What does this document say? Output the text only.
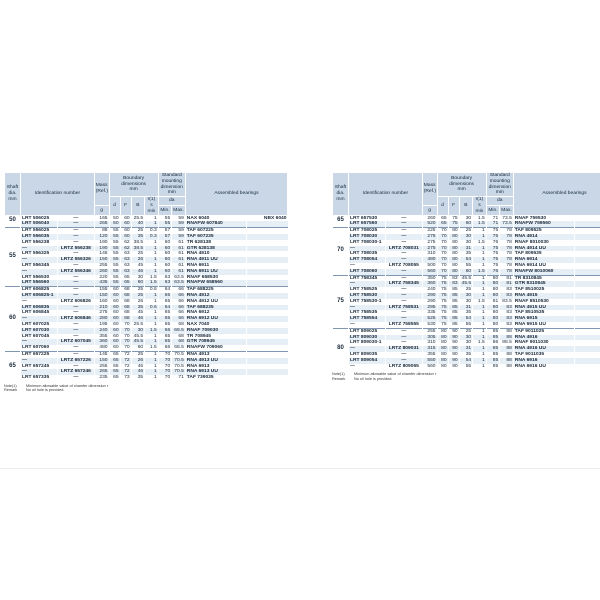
Shaft dia.
mm	Identification number		Mass (Ref.)	Boundary dimensions
mm				Standard mounting dimension
mm		Assembled bearings	
				d	F	B	r(1) s min	da			
			g					Min.	Max.		
50	LRT 506025	—	165	50	60	25.5	1	55	59	NAX 6040	NBX 6040
	LRT 506040	—	265	50	60	40	1	55	59	RNAFW 607840	
55	LRT 556025	—	88	55	60	25	0.3	57	59	TAF 607225	
	LRT 556035	—	120	55	60	35	0.3	57	59	TAF 607235	
	LRT 556238	—	190	55	62	38.5	1	60	61	TR 628138	
	—	LRTZ 556238	190	55	62	38.5	1	60	61	GTR 628138	
	LRT 556325	—	145	55	63	25	1	60	61	RNA 4910	
	—	LRTZ 556326	150	55	63	26	1	60	61	RNA 4911 UU	
	LRT 556345	—	255	55	63	45	1	60	61	RNA 6911	
	—	LRTZ 556346	260	55	63	46	1	60	61	RNA 6911 UU	
	LRT 556530	—	220	55	65	30	1.5	63	63.5	RNAF 658530	
	LRT 556560	—	435	55	65	60	1.5	63	63.5	RNAFW 658560	
60	LRT 606825	—	155	60	68	25	0.6	64	66	TAF 688225	
	LRT 606825-1	—	150	60	68	25	1	65	66	RNA 4912	
	—	LRTZ 606826	160	60	68	26	1	65	66	RNA 4912 UU	
	LRT 606835	—	210	60	68	35	0.6	64	66	TAF 688235	
	LRT 606845	—	275	60	68	45	1	65	66	RNA 6912	
	—	LRTZ 606846	280	60	68	46	1	65	66	RNA 6912 UU	
	LRT 607025	—	195	60	70	25.5	1	65	68	NAX 7040	
	LRT 607030	—	240	60	70	30	1.5	66	68.5	RNAF 709030	
	LRT 607045	—	355	60	70	45.5	1	65	68	TR 708945	
	—	LRTZ 607045	360	60	70	45.5	1	65	68	GTR 708945	
	LRT 607060	—	480	60	70	60	1.5	66	68.5	RNAFW 709060	
65	LRT 657225	—	145	65	72	25	1	70	70.5	RNA 4913	
	—	LRTZ 657226	150	65	72	26	1	70	70.5	RNA 4913 UU	
	LRT 657245	—	255	65	72	45	1	70	70.5	RNA 6913	
	—	LRTZ 657246	265	65	72	46	1	70	70.5	RNA 6913 UU	
	LRT 657335	—	235	65	73	35	1	70	71	TAF 739035	
Note(1) Minimum allowable value of chamfer dimension r
Remark No oil hole is provided.
Shaft dia.
mm	Identification number		Mass (Ref.)	Boundary dimensions
mm				Standard mounting dimension
mm		Assembled bearings	
				d	F	B	r(1) s min	da			
			g					Min.	Max.		
65	LRT 657530	—	260	65	75	30	1.5	71	73.5	RNAF 759530	
	LRT 657560	—	520	65	75	60	1.5	71	73.5	RNAFW 759560	
70	LRT 708025	—	225	70	80	25	1	75	78	TAF 809525	
	LRT 708030	—	275	70	80	30	1	75	78	RNA 4914	
	LRT 708030-1	—	275	70	80	30	1.5	76	78	RNAF 8010030	
	—	LRTZ 708031	275	70	80	31	1	75	78	RNA 4914 UU	
	LRT 708035	—	310	70	80	35	1	75	78	TAF 809535	
	LRT 708054	—	480	70	80	54	1	75	78	RNA 6914	
	—	LRTZ 708055	500	70	80	55	1	75	78	RNA 6914 UU	
	LRT 708060	—	560	70	80	60	1.5	76	78	RNAFW 8010060	
75	LRT 758345	—	350	75	83	45.5	1	80	81	TR 8310845	
	—	LRTZ 758345	360	75	83	45.5	1	80	81	GTR 8310845	
	LRT 758525	—	240	75	85	25	1	80	83	TAF 8510025	
	LRT 758530	—	290	75	85	30	1	80	83	RNA 4915	
	LRT 758530-1	—	290	75	85	30	1.5	81	83.5	RNAF 8510530	
	—	LRTZ 758531	295	75	85	31	1	80	83	RNA 4915 UU	
	LRT 758535	—	335	75	85	35	1	80	83	TAF 8510535	
	LRT 758554	—	525	75	85	54	1	80	83	RNA 6915	
	—	LRTZ 758555	530	75	85	55	1	80	83	RNA 6915 UU	
80	LRT 809025	—	255	80	90	25	1	85	88	TAF 9011025	
	LRT 809030	—	305	80	90	30	1	85	88	RNA 4916	
	LRT 809030-1	—	310	80	90	30	1.5	86	88.5	RNAF 9011030	
	—	LRTZ 809031	315	80	90	31	1	85	88	RNA 4916 UU	
	LRT 809035	—	355	80	90	35	1	85	88	TAF 9011035	
	LRT 809054	—	550	80	90	54	1	85	88	RNA 6916	
	—	LRTZ 809055	560	80	90	55	1	85	88	RNA 6916 UU	
Note(1) Minimum allowable value of chamfer dimension r
Remark No oil hole is provided.
